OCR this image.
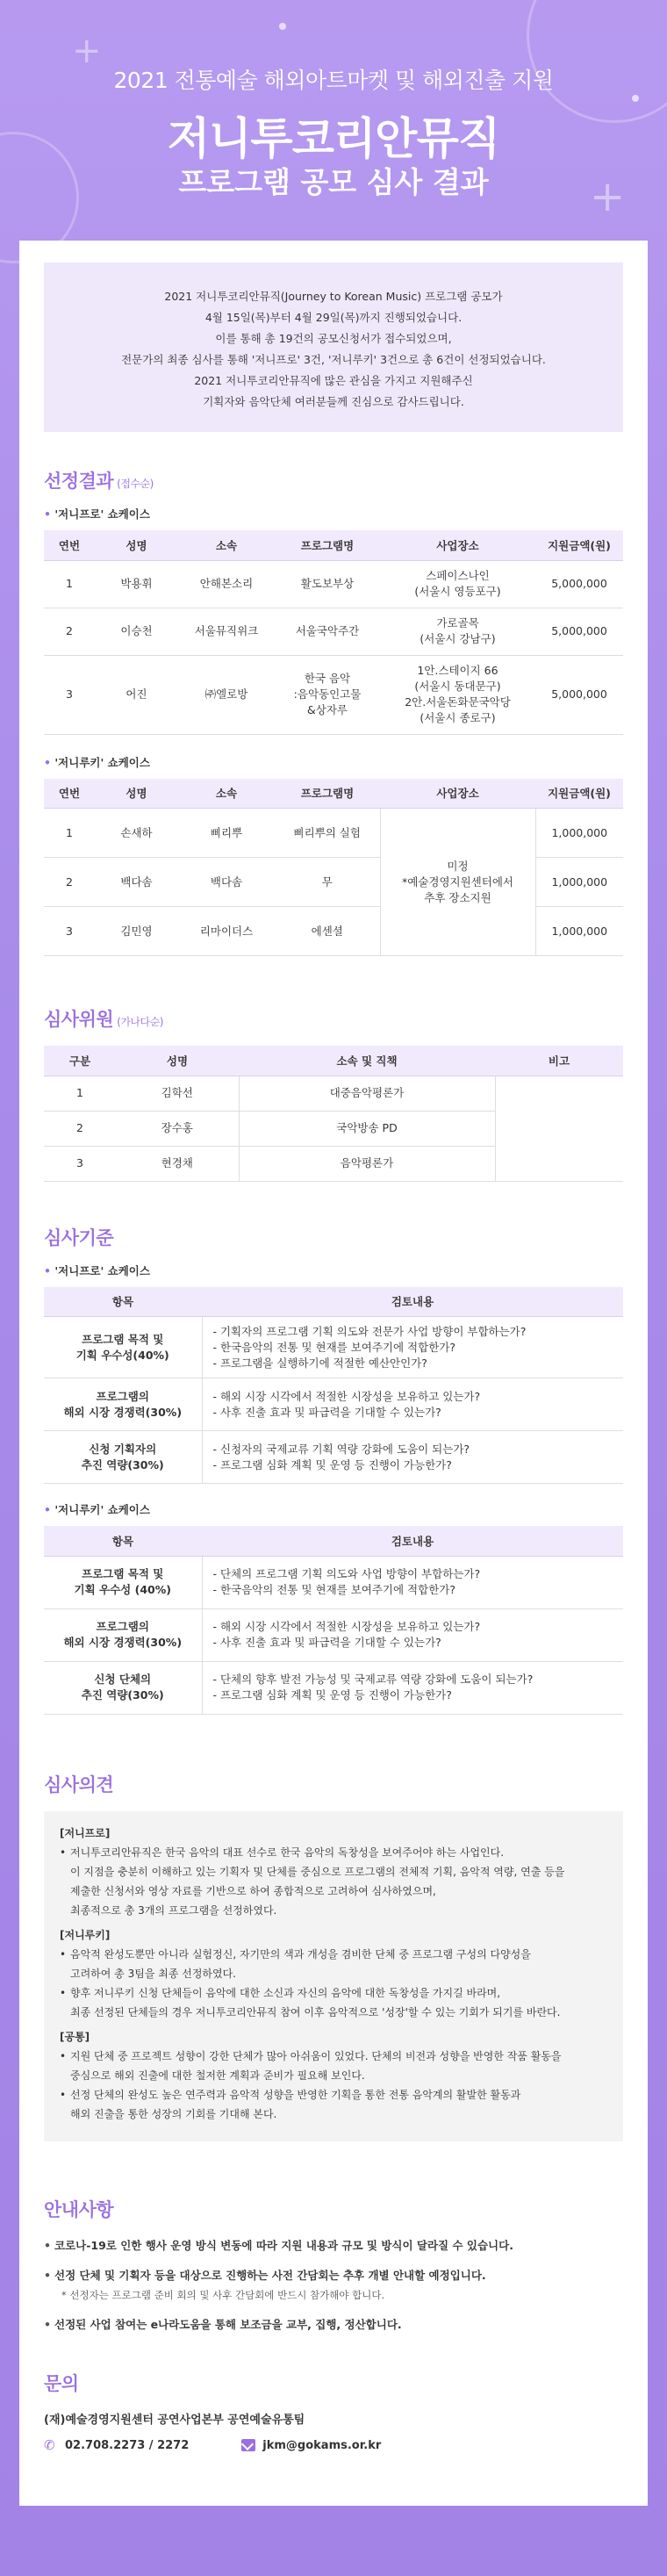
+
+
2021 전통예술 해외아트마켓 및 해외진출 지원
저니투코리안뮤직
프로그램 공모 심사 결과
2021 저니투코리안뮤직(Journey to Korean Music) 프로그램 공모가
4월 15일(목)부터 4월 29일(목)까지 진행되었습니다.
이를 통해 총 19건의 공모신청서가 접수되었으며,
전문가의 최종 심사를 통해 '저니프로' 3건, '저니루키' 3건으로 총 6건이 선정되었습니다.
2021 저니투코리안뮤직에 많은 관심을 가지고 지원해주신
기획자와 음악단체 여러분들께 진심으로 감사드립니다.
선정결과 (접수순)
• '저니프로' 쇼케이스
연번	성명	소속	프로그램명	사업장소	지원금액(원)
1	박용휘	안해본소리	활도보부상	스페이스나인
(서울시 영등포구)	5,000,000
2	이승천	서울뮤직위크	서울국악주간	가로골목
(서울시 강남구)	5,000,000
3	어진	㈜엘로방	한국 음악
:음악동인고물
&상자루	1안.스테이지 66
(서울시 동대문구)
2안.서울돈화문국악당
(서울시 종로구)	5,000,000
• '저니루키' 쇼케이스
연번	성명	소속	프로그램명	사업장소	지원금액(원)
1	손새하	삐리뿌	삐리뿌의 실험	미정
*예술경영지원센터에서
추후 장소지원	1,000,000
2	백다솜	백다솜	무		1,000,000
3	김민영	리마이더스	에센셜		1,000,000
심사위원 (가나다순)
구분	성명	소속 및 직책	비고
1	김학선	대중음악평론가	
2	장수홍	국악방송 PD	
3	현경채	음악평론가	
심사기준
• '저니프로' 쇼케이스
항목	검토내용
프로그램 목적 및
기획 우수성(40%)	- 기획자의 프로그램 기획 의도와 전문가 사업 방향이 부합하는가?
- 한국음악의 전통 및 현재를 보여주기에 적합한가?
- 프로그램을 실행하기에 적절한 예산안인가?
프로그램의
해외 시장 경쟁력(30%)	- 해외 시장 시각에서 적절한 시장성을 보유하고 있는가?
- 사후 진출 효과 및 파급력을 기대할 수 있는가?
신청 기획자의
추진 역량(30%)	- 신청자의 국제교류 기획 역량 강화에 도움이 되는가?
- 프로그램 심화 계획 및 운영 등 진행이 가능한가?
• '저니루키' 쇼케이스
항목	검토내용
프로그램 목적 및
기획 우수성 (40%)	- 단체의 프로그램 기획 의도와 사업 방향이 부합하는가?
- 한국음악의 전통 및 현재를 보여주기에 적합한가?
프로그램의
해외 시장 경쟁력(30%)	- 해외 시장 시각에서 적절한 시장성을 보유하고 있는가?
- 사후 진출 효과 및 파급력을 기대할 수 있는가?
신청 단체의
추진 역량(30%)	- 단체의 향후 발전 가능성 및 국제교류 역량 강화에 도움이 되는가?
- 프로그램 심화 계획 및 운영 등 진행이 가능한가?
심사의견
[저니프로]
• 저니투코리안뮤직은 한국 음악의 대표 선수로 한국 음악의 독창성을 보여주어야 하는 사업인다.
이 지점을 충분히 이해하고 있는 기획자 및 단체를 중심으로 프로그램의 전체적 기획, 음악적 역량, 연출 등을
제출한 신청서와 영상 자료를 기반으로 하여 종합적으로 고려하여 심사하였으며,
최종적으로 총 3개의 프로그램을 선정하였다.
[저니루키]
• 음악적 완성도뿐만 아니라 실험정신, 자기만의 색과 개성을 겸비한 단체 중 프로그램 구성의 다양성을
고려하여 총 3팀을 최종 선정하였다.
• 향후 저니루키 신청 단체들이 음악에 대한 소신과 자신의 음악에 대한 독창성을 가지길 바라며,
최종 선정된 단체들의 경우 저니투코리안뮤직 참여 이후 음악적으로 '성장'할 수 있는 기회가 되기를 바란다.
[공통]
• 지원 단체 중 프로젝트 성향이 강한 단체가 많아 아쉬움이 있었다. 단체의 비전과 성향을 반영한 작품 활동을
중심으로 해외 진출에 대한 철저한 계획과 준비가 필요해 보인다.
• 선정 단체의 완성도 높은 연주력과 음악적 성향을 반영한 기획을 통한 전통 음악계의 활발한 활동과
해외 진출을 통한 성장의 기회를 기대해 본다.
안내사항
• 코로나-19로 인한 행사 운영 방식 변동에 따라 지원 내용과 규모 및 방식이 달라질 수 있습니다.
• 선정 단체 및 기획자 등을 대상으로 진행하는 사전 간담회는 추후 개별 안내할 예정입니다.
* 선정자는 프로그램 준비 회의 및 사후 간담회에 반드시 참가해야 합니다.
• 선정된 사업 참여는 e나라도움을 통해 보조금을 교부, 집행, 정산합니다.
문의
(재)예술경영지원센터 공연사업본부 공연예술유통팀
✆ 02.708.2273 / 2272	jkm@gokams.or.kr
